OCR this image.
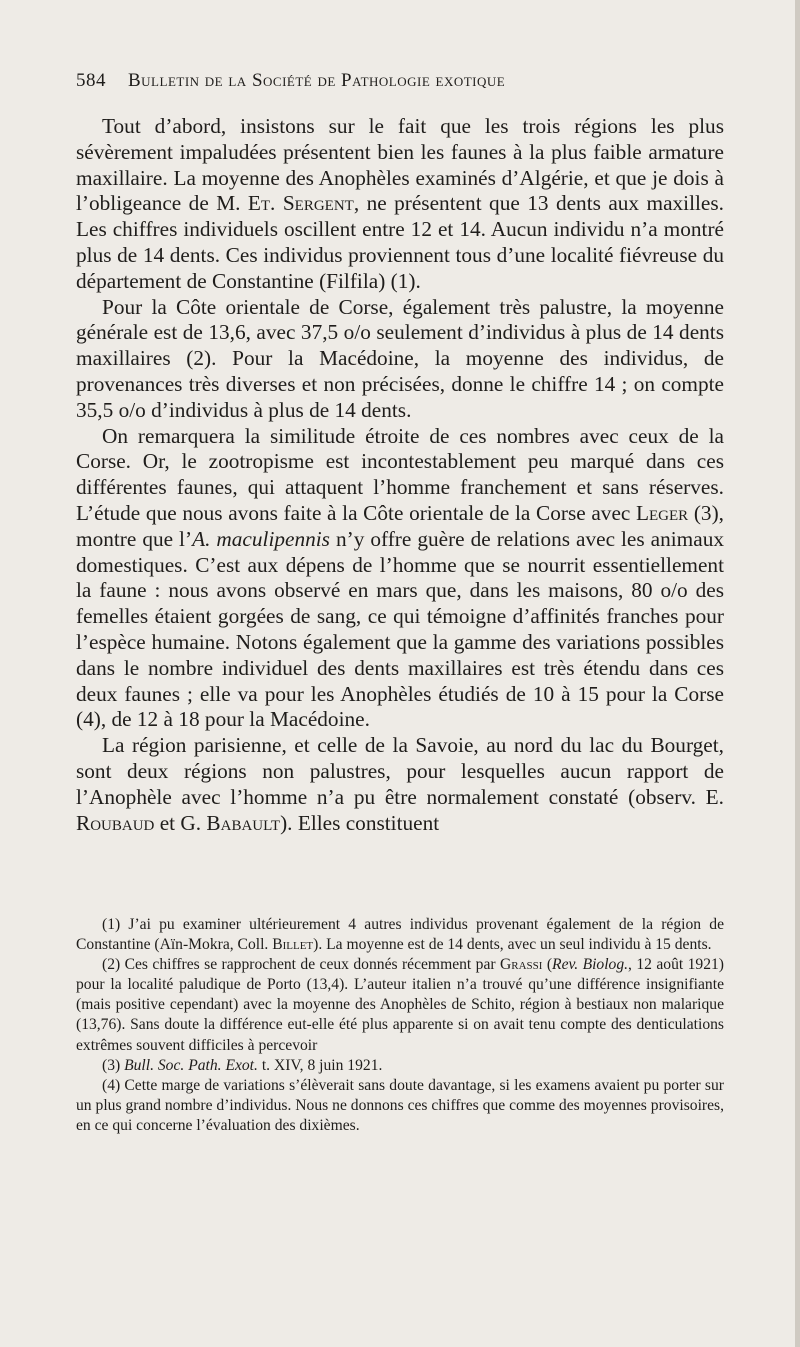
584 Bulletin de la Société de Pathologie exotique

Tout d’abord, insistons sur le fait que les trois régions les plus sévèrement impaludées présentent bien les faunes à la plus faible armature maxillaire. La moyenne des Anophèles examinés d’Algérie, et que je dois à l’obligeance de M. Et. Sergent, ne présentent que 13 dents aux maxilles. Les chiffres individuels oscillent entre 12 et 14. Aucun individu n’a montré plus de 14 dents. Ces individus proviennent tous d’une localité fiévreuse du département de Constantine (Filfila) (1).

Pour la Côte orientale de Corse, également très palustre, la moyenne générale est de 13,6, avec 37,5 o/o seulement d’individus à plus de 14 dents maxillaires (2). Pour la Macédoine, la moyenne des individus, de provenances très diverses et non précisées, donne le chiffre 14 ; on compte 35,5 o/o d’individus à plus de 14 dents.

On remarquera la similitude étroite de ces nombres avec ceux de la Corse. Or, le zootropisme est incontestablement peu marqué dans ces différentes faunes, qui attaquent l’homme franchement et sans réserves. L’étude que nous avons faite à la Côte orientale de la Corse avec Leger (3), montre que l’A. maculipennis n’y offre guère de relations avec les animaux domestiques. C’est aux dépens de l’homme que se nourrit essentiellement la faune : nous avons observé en mars que, dans les maisons, 80 o/o des femelles étaient gorgées de sang, ce qui témoigne d’affinités franches pour l’espèce humaine. Notons également que la gamme des variations possibles dans le nombre individuel des dents maxillaires est très étendu dans ces deux faunes ; elle va pour les Anophèles étudiés de 10 à 15 pour la Corse (4), de 12 à 18 pour la Macédoine.

La région parisienne, et celle de la Savoie, au nord du lac du Bourget, sont deux régions non palustres, pour lesquelles aucun rapport de l’Anophèle avec l’homme n’a pu être normalement constaté (observ. E. Roubaud et G. Babault). Elles constituent

(1) J’ai pu examiner ultérieurement 4 autres individus provenant également de la région de Constantine (Aïn-Mokra, Coll. Billet). La moyenne est de 14 dents, avec un seul individu à 15 dents.

(2) Ces chiffres se rapprochent de ceux donnés récemment par Grassi (Rev. Biolog., 12 août 1921) pour la localité paludique de Porto (13,4). L’auteur italien n’a trouvé qu’une différence insignifiante (mais positive cependant) avec la moyenne des Anophèles de Schito, région à bestiaux non malarique (13,76). Sans doute la différence eut-elle été plus apparente si on avait tenu compte des denticulations extrêmes souvent difficiles à percevoir

(3) Bull. Soc. Path. Exot. t. XIV, 8 juin 1921.

(4) Cette marge de variations s’élèverait sans doute davantage, si les examens avaient pu porter sur un plus grand nombre d’individus. Nous ne donnons ces chiffres que comme des moyennes provisoires, en ce qui concerne l’évaluation des dixièmes.
